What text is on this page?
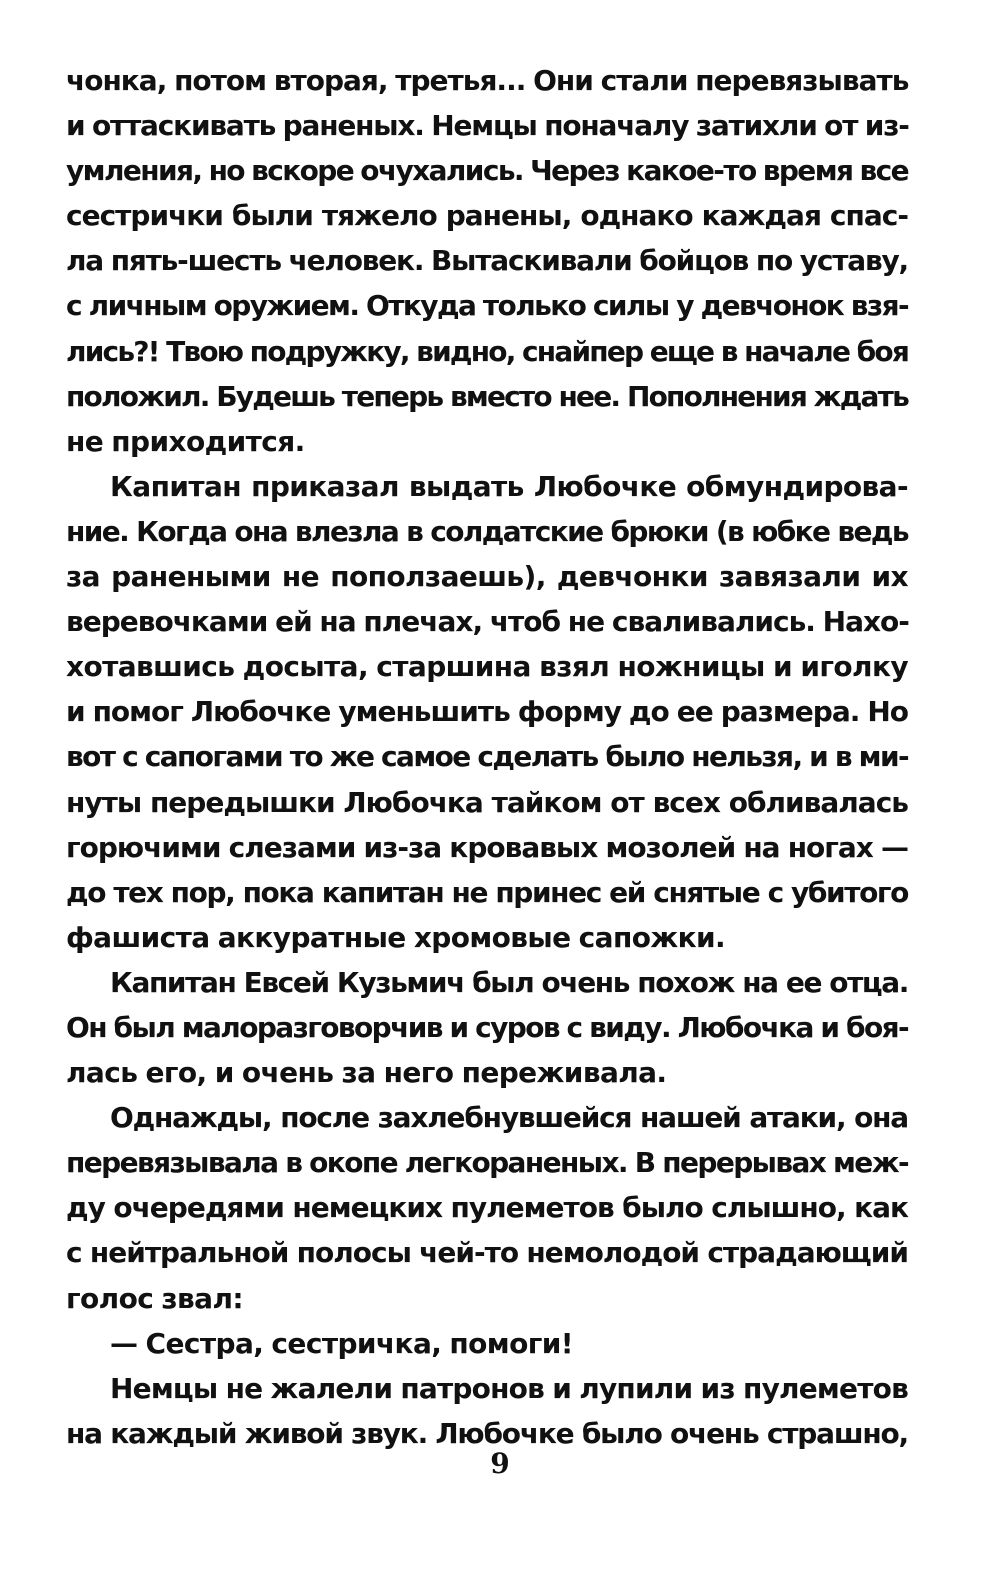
чонка, потом вторая, третья... Они стали перевязывать
и оттаскивать раненых. Немцы поначалу затихли от из-
умления, но вскоре очухались. Через какое-то время все
сестрички были тяжело ранены, однако каждая спас-
ла пять-шесть человек. Вытаскивали бойцов по уставу,
с личным оружием. Откуда только силы у девчонок взя-
лись?! Твою подружку, видно, снайпер еще в начале боя
положил. Будешь теперь вместо нее. Пополнения ждать
не приходится.
Капитан приказал выдать Любочке обмундирова-
ние. Когда она влезла в солдатские брюки (в юбке ведь
за ранеными не поползаешь), девчонки завязали их
веревочками ей на плечах, чтоб не сваливались. Нахо-
хотавшись досыта, старшина взял ножницы и иголку
и помог Любочке уменьшить форму до ее размера. Но
вот с сапогами то же самое сделать было нельзя, и в ми-
нуты передышки Любочка тайком от всех обливалась
горючими слезами из-за кровавых мозолей на ногах —
до тех пор, пока капитан не принес ей снятые с убитого
фашиста аккуратные хромовые сапожки.
Капитан Евсей Кузьмич был очень похож на ее отца.
Он был малоразговорчив и суров с виду. Любочка и боя-
лась его, и очень за него переживала.
Однажды, после захлебнувшейся нашей атаки, она
перевязывала в окопе легкораненых. В перерывах меж-
ду очередями немецких пулеметов было слышно, как
с нейтральной полосы чей-то немолодой страдающий
голос звал:
— Сестра, сестричка, помоги!
Немцы не жалели патронов и лупили из пулеметов
на каждый живой звук. Любочке было очень страшно,
9
